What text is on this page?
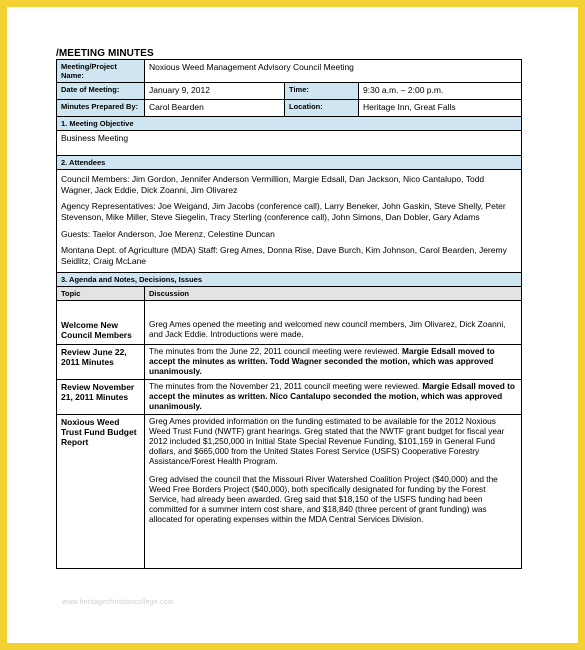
/MEETING MINUTES
Meeting/Project Name:	Noxious Weed Management Advisory Council Meeting		
Date of Meeting:	January 9, 2012	Time:	9:30 a.m. – 2:00 p.m.
Minutes Prepared By:	Carol Bearden	Location:	Heritage Inn, Great Falls
1. Meeting Objective			
Business Meeting			
2. Attendees			

Council Members: Jim Gordon, Jennifer Anderson Vermillion, Margie Edsall, Dan Jackson, Nico Cantalupo, Todd Wagner, Jack Eddie, Dick Zoanni, Jim Olivarez
Agency Representatives: Joe Weigand, Jim Jacobs (conference call), Larry Beneker, John Gaskin, Steve Shelly, Peter Stevenson, Mike Miller, Steve Siegelin, Tracy Sterling (conference call), John Simons, Dan Dobler, Gary Adams
Guests: Taelor Anderson, Joe Merenz, Celestine Duncan
Montana Dept. of Agriculture (MDA) Staff: Greg Ames, Donna Rise, Dave Burch, Kim Johnson, Carol Bearden, Jeremy Seidlitz, Craig McLane			

3. Agenda and Notes, Decisions, Issues			
Topic	Discussion		
Welcome New Council Members	Greg Ames opened the meeting and welcomed new council members, Jim Olivarez, Dick Zoanni, and Jack Eddie. Introductions were made.		
Review June 22, 2011 Minutes	The minutes from the June 22, 2011 council meeting were reviewed. Margie Edsall moved to accept the minutes as written. Todd Wagner seconded the motion, which was approved unanimously.		
Review November 21, 2011 Minutes	The minutes from the November 21, 2011 council meeting were reviewed. Margie Edsall moved to accept the minutes as written. Nico Cantalupo seconded the motion, which was approved unanimously.		
Noxious Weed Trust Fund Budget Report	Greg Ames provided information on the funding estimated to be available for the 2012 Noxious Weed Trust Fund (NWTF) grant hearings. Greg stated that the NWTF grant budget for fiscal year 2012 included $1,250,000 in Initial State Special Revenue Funding, $101,159 in General Fund dollars, and $665,000 from the United States Forest Service (USFS) Cooperative Forestry Assistance/Forest Health Program.
Greg advised the council that the Missouri River Watershed Coalition Project ($40,000) and the Weed Free Borders Project ($40,000), both specifically designated for funding by the Forest Service, had already been awarded. Greg said that $18,150 of the USFS funding had been committed for a summer intern cost share, and $18,840 (three percent of grant funding) was allocated for operating expenses within the MDA Central Services Division.		
www.heritagechristiancollege.com
